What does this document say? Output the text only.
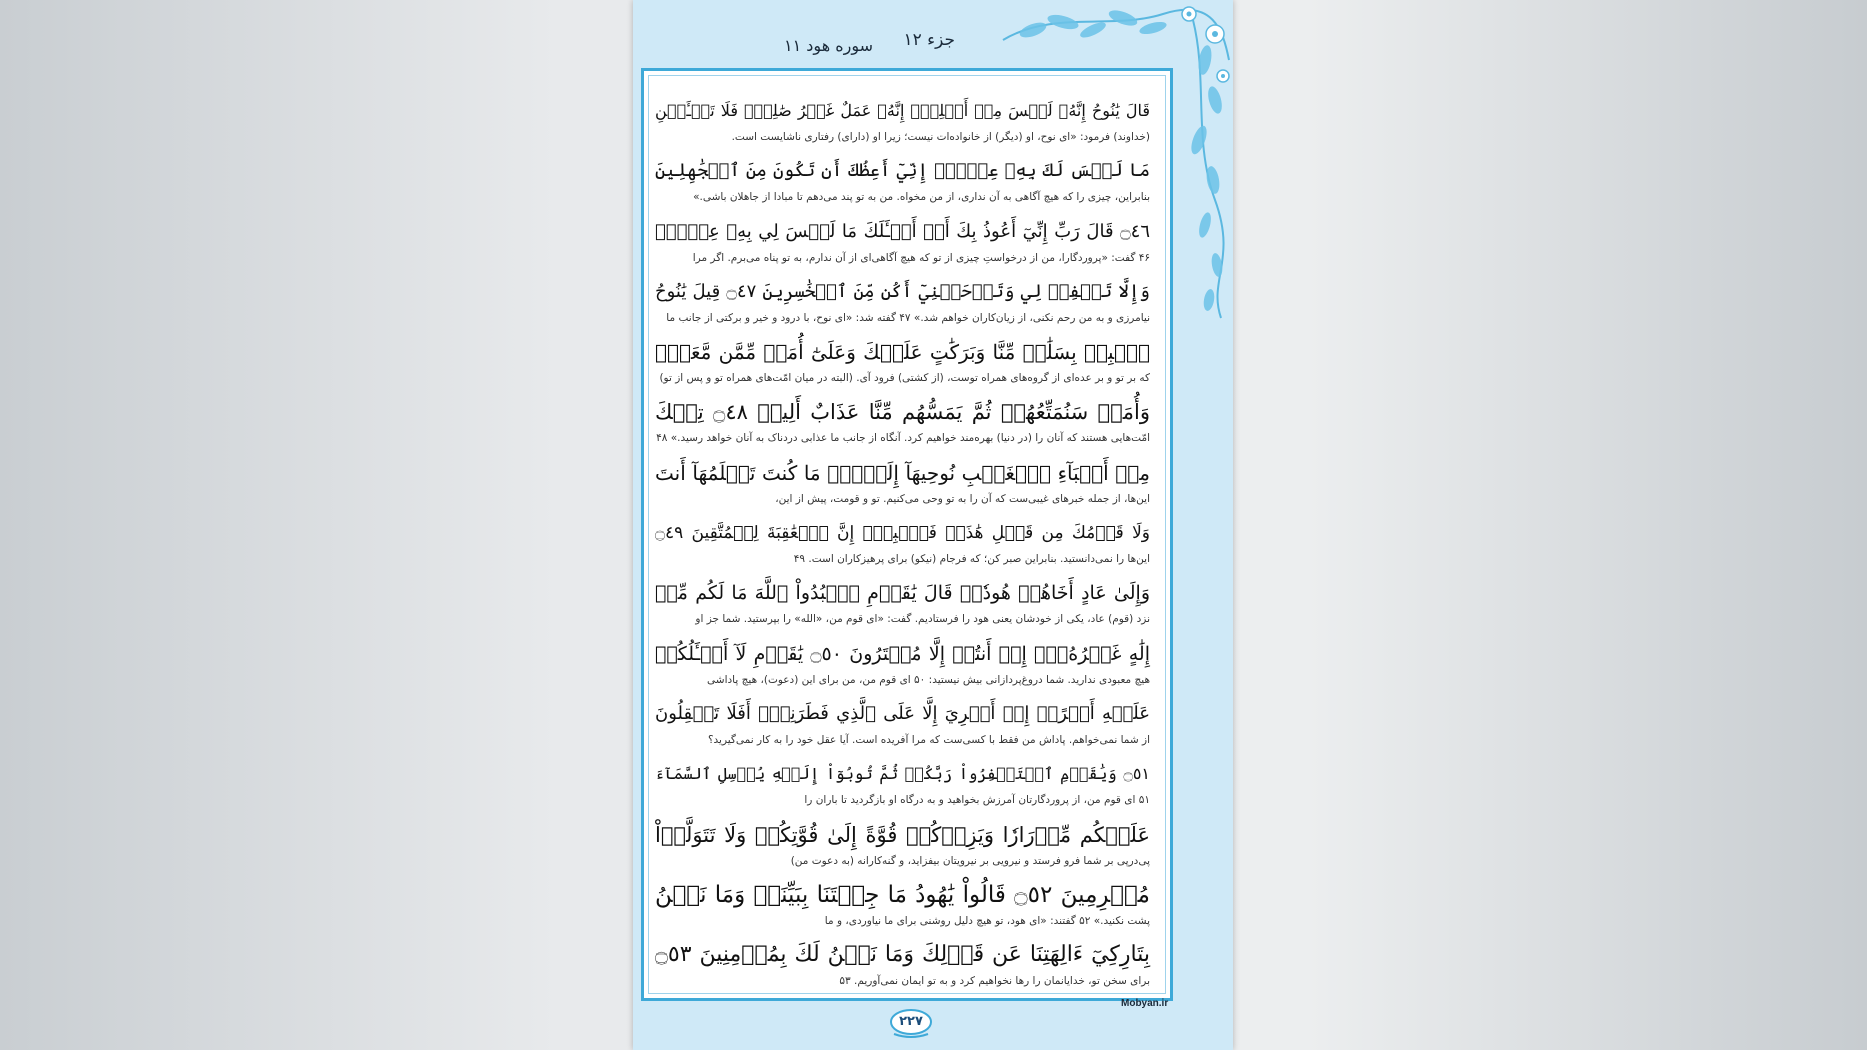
جزء ۱۲
سوره هود ۱۱
قَالَ يَٰنُوحُ إِنَّهُۥ لَيۡسَ مِنۡ أَهۡلِكَۖ إِنَّهُۥ عَمَلٌ غَيۡرُ صَٰلِحٖۖ فَلَا تَسۡـَٔلۡنِ
(خداوند) فرمود: «ای نوح، او (دیگر) از خانواده‌ات نیست؛ زیرا او (دارای) رفتاری ناشایست است.
مَا لَيۡسَ لَكَ بِهِۦ عِلۡمٌۖ إِنِّيٓ أَعِظُكَ أَن تَكُونَ مِنَ ٱلۡجَٰهِلِينَ
بنابراین، چیزی را که هیچ آگاهی به آن نداری، از من مخواه. من به تو پند می‌دهم تا مبادا از جاهلان باشی.»
۝٤٦ قَالَ رَبِّ إِنِّيٓ أَعُوذُ بِكَ أَنۡ أَسۡـَٔلَكَ مَا لَيۡسَ لِي بِهِۦ عِلۡمٞۖ
۴۶ گفت: «پروردگارا، من از درخواستِ چیزی از تو که هیچ آگاهی‌ای از آن ندارم، به تو پناه می‌برم. اگر مرا
وَإِلَّا تَغۡفِرۡ لِي وَتَرۡحَمۡنِيٓ أَكُن مِّنَ ٱلۡخَٰسِرِينَ ۝٤٧ قِيلَ يَٰنُوحُ
نیامرزی و به من رحم نکنی، از زیان‌کاران خواهم شد.» ۴۷ گفته شد: «ای نوح، با درود و خیر و برکتی از جانب ما
ٱهۡبِطۡ بِسَلَٰمٖ مِّنَّا وَبَرَكَٰتٍ عَلَيۡكَ وَعَلَىٰٓ أُمَمٖ مِّمَّن مَّعَكَۚ
که بر تو و بر عده‌ای از گروه‌های همراه توست، (از کشتی) فرود آی. (البته در میان امّت‌های همراه تو و پس از تو)
وَأُمَمٞ سَنُمَتِّعُهُمۡ ثُمَّ يَمَسُّهُم مِّنَّا عَذَابٌ أَلِيمٞ ۝٤٨ تِلۡكَ
امّت‌هایی هستند که آنان را (در دنیا) بهره‌مند خواهیم کرد. آنگاه از جانب ما عذابی دردناک به آنان خواهد رسید.» ۴۸
مِنۡ أَنۢبَآءِ ٱلۡغَيۡبِ نُوحِيهَآ إِلَيۡكَۖ مَا كُنتَ تَعۡلَمُهَآ أَنتَ
این‌ها، از جمله خبرهای غیبی‌ست که آن را به تو وحی می‌کنیم. تو و قومت، پیش از این،
وَلَا قَوۡمُكَ مِن قَبۡلِ هَٰذَاۖ فَٱصۡبِرۡۖ إِنَّ ٱلۡعَٰقِبَةَ لِلۡمُتَّقِينَ ۝٤٩
این‌ها را نمی‌دانستید. بنابراین صبر کن؛ که فرجام (نیکو) برای پرهیزکاران است. ۴۹
وَإِلَىٰ عَادٍ أَخَاهُمۡ هُودٗاۚ قَالَ يَٰقَوۡمِ ٱعۡبُدُواْ ٱللَّهَ مَا لَكُم مِّنۡ
نزد (قوم) عاد، یکی از خودشان یعنی هود را فرستادیم. گفت: «ای قوم من، «الله» را بپرستید. شما جز او
إِلَٰهٍ غَيۡرُهُۥٓۖ إِنۡ أَنتُمۡ إِلَّا مُفۡتَرُونَ ۝٥٠ يَٰقَوۡمِ لَآ أَسۡـَٔلُكُمۡ
هیچ معبودی ندارید. شما دروغ‌پردازانی بیش نیستید: ۵۰ ای قوم من، من برای این (دعوت)، هیچ پاداشی
عَلَيۡهِ أَجۡرًاۖ إِنۡ أَجۡرِيَ إِلَّا عَلَى ٱلَّذِي فَطَرَنِيٓۚ أَفَلَا تَعۡقِلُونَ
از شما نمی‌خواهم. پاداش من فقط با کسی‌ست که مرا آفریده است. آیا عقل خود را به کار نمی‌گیرید؟
۝٥١ وَيَٰقَوۡمِ ٱسۡتَغۡفِرُواْ رَبَّكُمۡ ثُمَّ تُوبُوٓاْ إِلَيۡهِ يُرۡسِلِ ٱلسَّمَآءَ
۵۱ ای قوم من، از پروردگارتان آمرزش بخواهید و به درگاه او بازگردید تا باران را
عَلَيۡكُم مِّدۡرَارٗا وَيَزِدۡكُمۡ قُوَّةً إِلَىٰ قُوَّتِكُمۡ وَلَا تَتَوَلَّوۡاْ
پی‌درپی بر شما فرو فرستد و نیرویی بر نیرویتان بیفزاید، و گنه‌کارانه (به دعوت من)
مُجۡرِمِينَ ۝٥٢ قَالُواْ يَٰهُودُ مَا جِئۡتَنَا بِبَيِّنَةٖ وَمَا نَحۡنُ
پشت نکنید.» ۵۲ گفتند: «ای هود، تو هیچ دلیل روشنی برای ما نیاوردی، و ما
بِتَارِكِيٓ ءَالِهَتِنَا عَن قَوۡلِكَ وَمَا نَحۡنُ لَكَ بِمُؤۡمِنِينَ ۝٥٣
برای سخن تو، خدایانمان را رها نخواهیم کرد و به تو ایمان نمی‌آوریم. ۵۳
Mobyan.ir
۲۲۷
